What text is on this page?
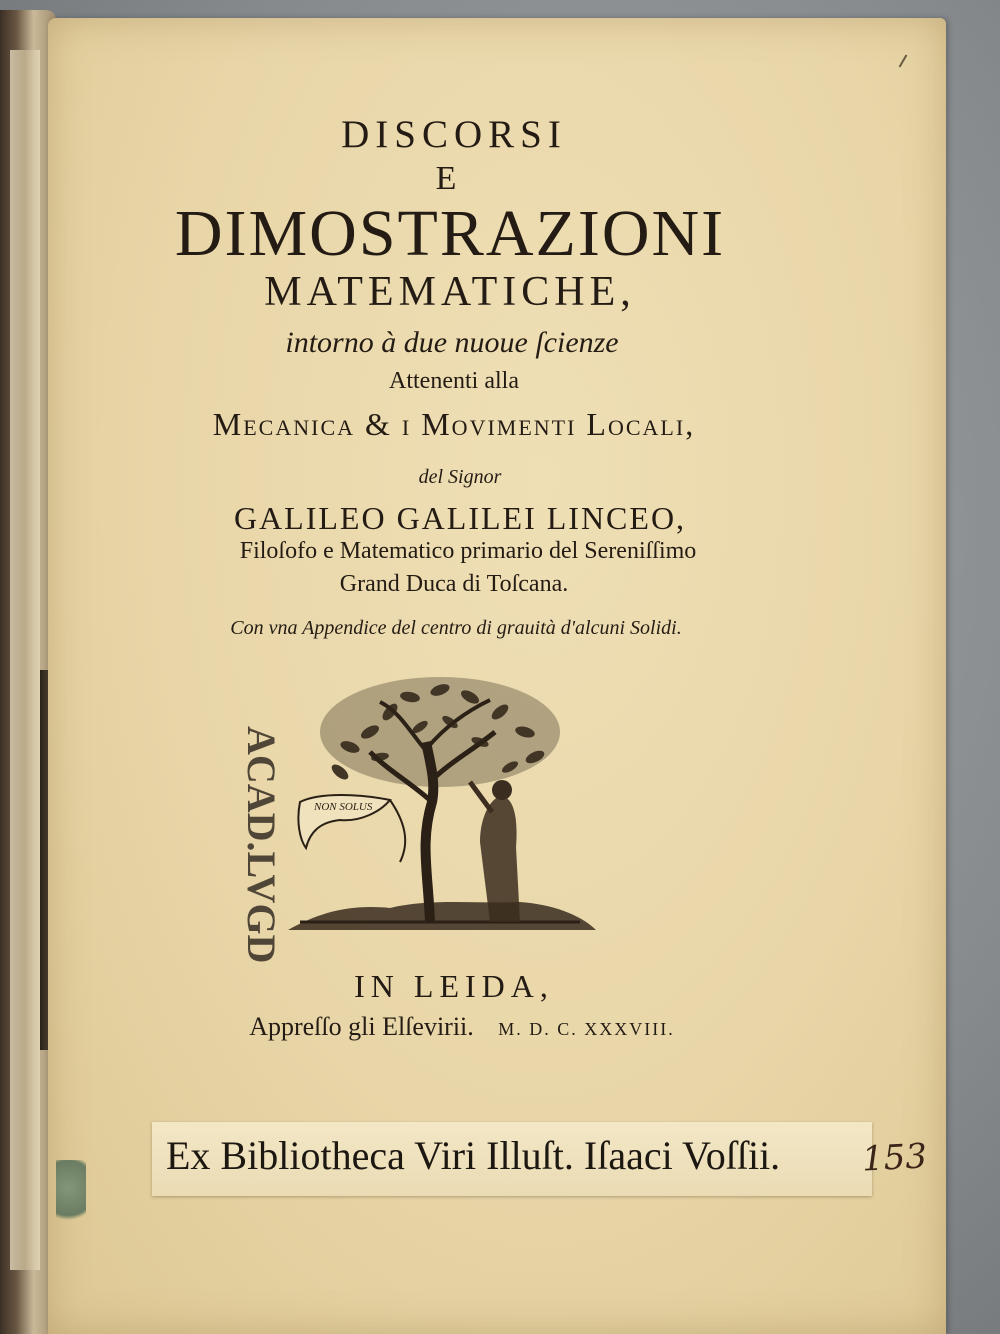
DISCORSI
E
DIMOSTRAZIONI
MATEMATICHE,
intorno à due nuoue ſcienze
Attenenti alla
Mecanica & i Movimenti Locali,
del Signor
GALILEO GALILEI LINCEO,
Filoſofo e Matematico primario del Sereniſſimo
Grand Duca di Toſcana.
Con vna Appendice del centro di grauità d'alcuni Solidi.
NON SOLUS
ACAD.LVGD
IN LEIDA,
Appreſſo gli Elſevirii. M. D. C. XXXVIII.
Ex Bibliotheca Viri Illuſt. Iſaaci Voſſii. 153
